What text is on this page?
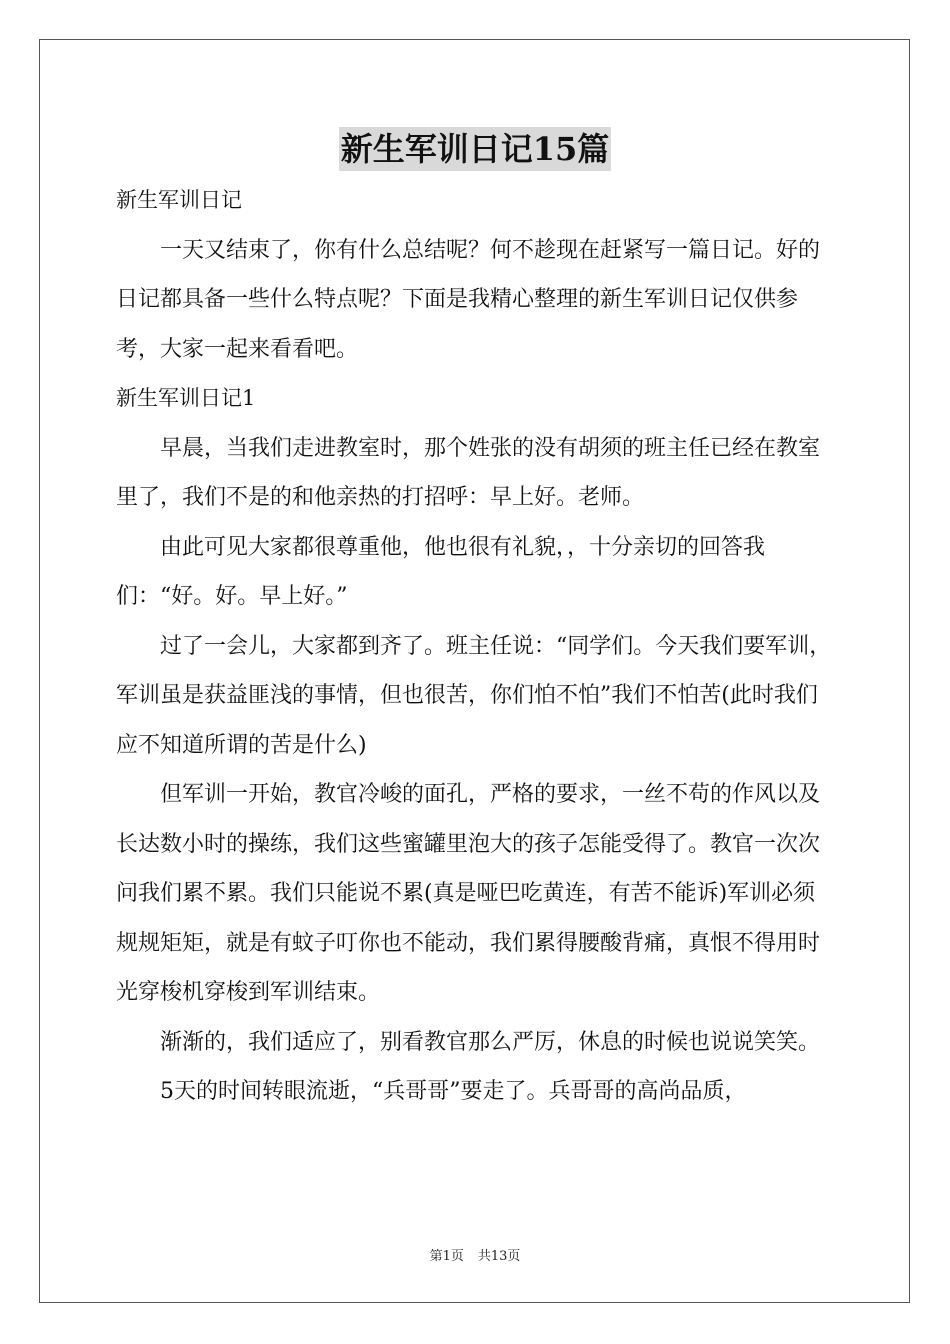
新生军训日记15篇

新生军训日记

一天又结束了，你有什么总结呢？何不趁现在赶紧写一篇日记。好的日记都具备一些什么特点呢？下面是我精心整理的新生军训日记仅供参考，大家一起来看看吧。

新生军训日记1

早晨，当我们走进教室时，那个姓张的没有胡须的班主任已经在教室里了，我们不是的和他亲热的打招呼：早上好。老师。

由此可见大家都很尊重他，他也很有礼貌，，十分亲切的回答我们：“好。好。早上好。”

过了一会儿，大家都到齐了。班主任说：“同学们。今天我们要军训，军训虽是获益匪浅的事情，但也很苦，你们怕不怕”我们不怕苦(此时我们应不知道所谓的苦是什么)

但军训一开始，教官冷峻的面孔，严格的要求，一丝不苟的作风以及长达数小时的操练，我们这些蜜罐里泡大的孩子怎能受得了。教官一次次问我们累不累。我们只能说不累(真是哑巴吃黄连，有苦不能诉)军训必须规规矩矩，就是有蚊子叮你也不能动，我们累得腰酸背痛，真恨不得用时光穿梭机穿梭到军训结束。

渐渐的，我们适应了，别看教官那么严厉，休息的时候也说说笑笑。

5天的时间转眼流逝，“兵哥哥”要走了。兵哥哥的高尚品质，

第1页 共13页
